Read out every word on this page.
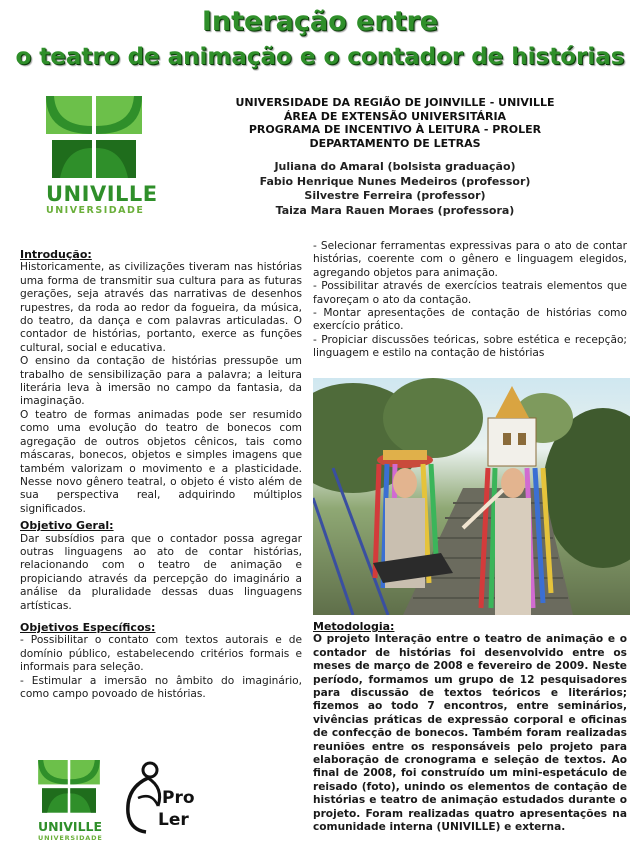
Interação entre
o teatro de animação e o contador de histórias
UNIVILLE
UNIVERSIDADE
UNIVERSIDADE DA REGIÃO DE JOINVILLE - UNIVILLE
ÁREA DE EXTENSÃO UNIVERSITÁRIA
PROGRAMA DE INCENTIVO À LEITURA - PROLER
DEPARTAMENTO DE LETRAS
Juliana do Amaral (bolsista graduação)
Fabio Henrique Nunes Medeiros (professor)
Silvestre Ferreira (professor)
Taiza Mara Rauen Moraes (professora)

Introdução:

Historicamente, as civilizações tiveram nas histórias uma forma de transmitir sua cultura para as futuras gerações, seja através das narrativas de desenhos rupestres, da roda ao redor da fogueira, da música, do teatro, da dança e com palavras articuladas. O contador de histórias, portanto, exerce as funções cultural, social e educativa.

O ensino da contação de histórias pressupõe um trabalho de sensibilização para a palavra; a leitura literária leva à imersão no campo da fantasia, da imaginação.

O teatro de formas animadas pode ser resumido como uma evolução do teatro de bonecos com agregação de outros objetos cênicos, tais como máscaras, bonecos, objetos e simples imagens que também valorizam o movimento e a plasticidade. Nesse novo gênero teatral, o objeto é visto além de sua perspectiva real, adquirindo múltiplos significados.

Objetivo Geral:

Dar subsídios para que o contador possa agregar outras linguagens ao ato de contar histórias, relacionando com o teatro de animação e propiciando através da percepção do imaginário a análise da pluralidade dessas duas linguagens artísticas.

Objetivos Específicos:

- Possibilitar o contato com textos autorais e de domínio público, estabelecendo critérios formais e informais para seleção.

- Estimular a imersão no âmbito do imaginário, como campo povoado de histórias.

- Selecionar ferramentas expressivas para o ato de contar histórias, coerente com o gênero e linguagem elegidos, agregando objetos para animação.

- Possibilitar através de exercícios teatrais elementos que favoreçam o ato da contação.

- Montar apresentações de contação de histórias como exercício prático.

- Propiciar discussões teóricas, sobre estética e recepção; linguagem e estilo na contação de histórias

Metodologia:

O projeto Interação entre o teatro de animação e o contador de histórias foi desenvolvido entre os meses de março de 2008 e fevereiro de 2009. Neste período, formamos um grupo de 12 pesquisadores para discussão de textos teóricos e literários; fizemos ao todo 7 encontros, entre seminários, vivências práticas de expressão corporal e oficinas de confecção de bonecos. Também foram realizadas reuniões entre os responsáveis pelo projeto para elaboração de cronograma e seleção de textos. Ao final de 2008, foi construído um mini-espetáculo de reisado (foto), unindo os elementos de contação de histórias e teatro de animação estudados durante o projeto. Foram realizadas quatro apresentações na comunidade interna (UNIVILLE) e externa.

UNIVILLE
UNIVERSIDADE
Pro
Ler
